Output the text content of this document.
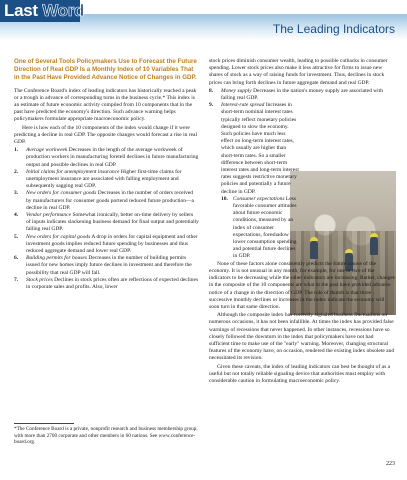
Last Word
The Leading Indicators
One of Several Tools Policymakers Use to Forecast the Future Direction of Real GDP Is a Monthly Index of 10 Variables That in the Past Have Provided Advance Notice of Changes in GDP.

The Conference Board's index of leading indicators has historically reached a peak or a trough in advance of corresponding turns in the business cycle.* This index is an estimate of future economic activity compiled from 10 components that in the past have predicted the economy's direction. Such advance warning helps policymakers formulate appropriate macroeconomic policy.

Here is how each of the 10 components of the index would change if it were predicting a decline in real GDP. The opposite changes would forecast a rise in real GDP.

1. Average workweek Decreases in the length of the average workweek of production workers in manufacturing foretell declines in future manufacturing output and possible declines in real GDP.
2. Initial claims for unemployment insurance Higher first-time claims for unemployment insurance are associated with falling employment and subsequently sagging real GDP.
3. New orders for consumer goods Decreases in the number of orders received by manufacturers for consumer goods portend reduced future production—a decline in real GDP.
4. Vendor performance Somewhat ironically, better on-time delivery by sellers of inputs indicates slackening business demand for final output and potentially falling real GDP.
5. New orders for capital goods A drop in orders for capital equipment and other investment goods implies reduced future spending by businesses and thus reduced aggregate demand and lower real GDP.
6. Building permits for houses Decreases in the number of building permits issued for new homes imply future declines in investment and therefore the possibility that real GDP will fall.
7. Stock prices Declines in stock prices often are reflections of expected declines in corporate sales and profits. Also, lower

stock prices diminish consumer wealth, leading to possible cutbacks in consumer spending. Lower stock prices also make it less attractive for firms to issue new shares of stock as a way of raising funds for investment. Thus, declines in stock prices can bring forth declines in future aggregate demand and real GDP.

8. Money supply Decreases in the nation's money supply are associated with falling real GDP.
9. Interest-rate spread Increases in short-term nominal interest rates typically reflect monetary policies designed to slow the economy. Such policies have much less effect on long-term interest rates, which usually are higher than short-term rates. So a smaller difference between short-term interest rates and long-term interest rates suggests restrictive monetary policies and potentially a future decline in GDP.
10. Consumer expectations Less favorable consumer attitudes about future economic conditions, measured by an index of consumer expectations, foreshadow lower consumption spending and potential future declines in GDP.

None of these factors alone consistently predicts the future course of the economy. It is not unusual in any month, for example, for one or two of the indicators to be decreasing while the other indicators are increasing. Rather, changes in the composite of the 10 components are what in the past have provided advance notice of a change in the direction of GDP. The rule of thumb is that three successive monthly declines or increases in the index indicate the economy will soon turn in that same direction.

Although the composite index has correctly signaled business fluctuations on numerous occasions, it has not been infallible. At times the index has provided false warnings of recessions that never happened. In other instances, recessions have so closely followed the downturn in the index that policymakers have not had sufficient time to make use of the "early" warning. Moreover, changing structural features of the economy have, on occasion, rendered the existing index obsolete and necessitated its revision.

Given these caveats, the index of leading indicators can best be thought of as a useful but not totally reliable signaling device that authorities must employ with considerable caution in formulating macroeconomic policy.

*The Conference Board is a private, nonprofit research and business membership group, with more than 2700 corporate and other members in 60 nations. See www.conference-board.org.
223
